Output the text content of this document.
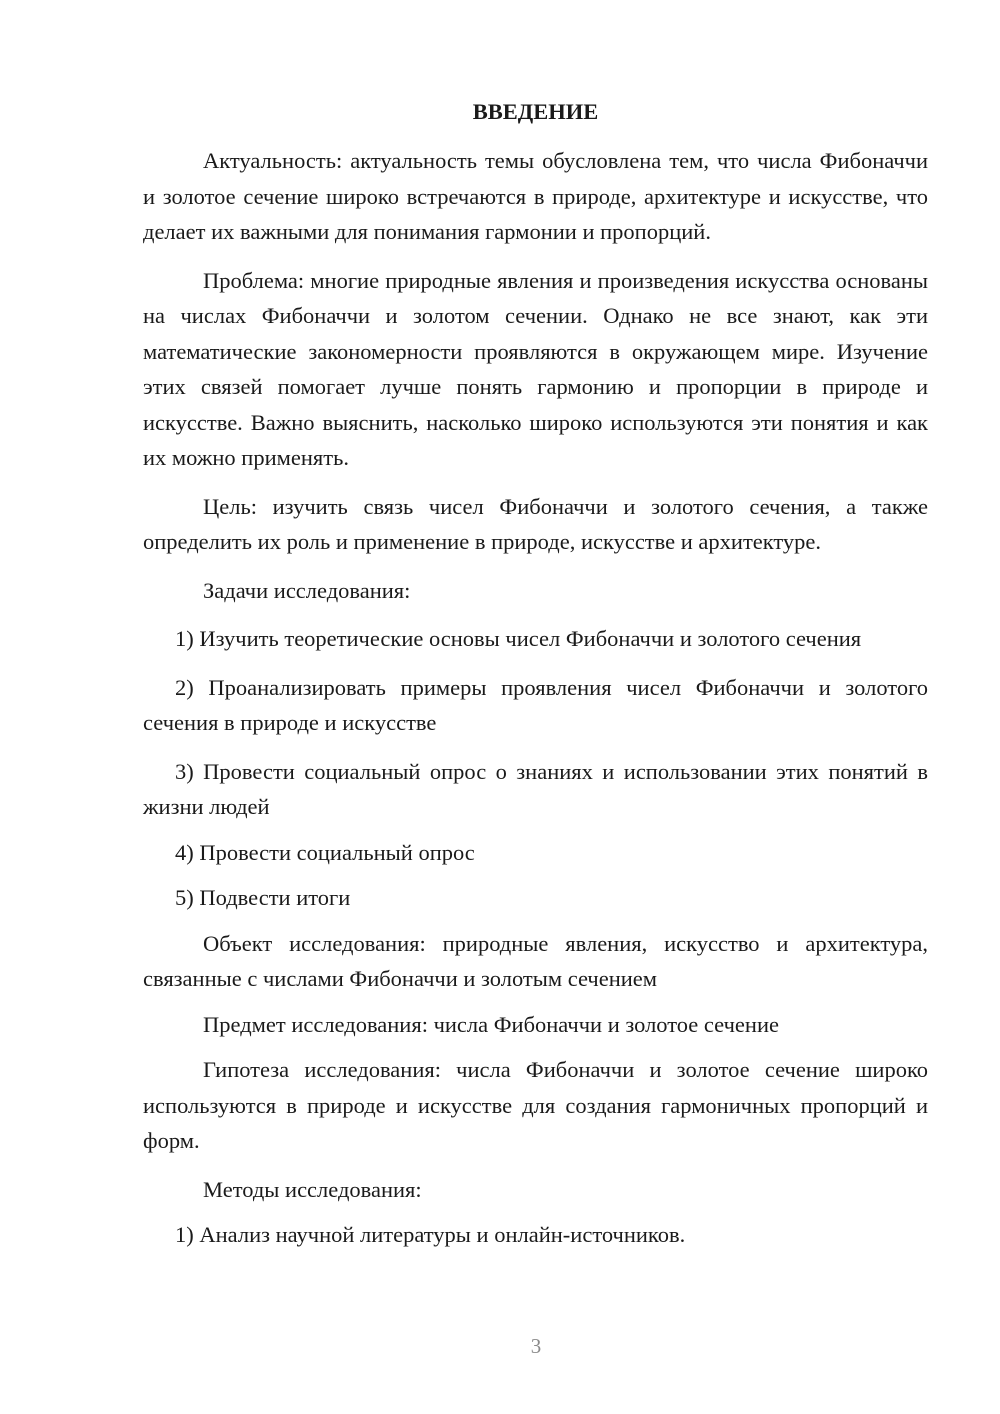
ВВЕДЕНИЕ

Актуальность: актуальность темы обусловлена тем, что числа Фибоначчи и золотое сечение широко встречаются в природе, архитектуре и искусстве, что делает их важными для понимания гармонии и пропорций.

Проблема: многие природные явления и произведения искусства основаны на числах Фибоначчи и золотом сечении. Однако не все знают, как эти математические закономерности проявляются в окружающем мире. Изучение этих связей помогает лучше понять гармонию и пропорции в природе и искусстве. Важно выяснить, насколько широко используются эти понятия и как их можно применять.

Цель: изучить связь чисел Фибоначчи и золотого сечения, а также определить их роль и применение в природе, искусстве и архитектуре.

Задачи исследования:

1) Изучить теоретические основы чисел Фибоначчи и золотого сечения

2) Проанализировать примеры проявления чисел Фибоначчи и золотого сечения в природе и искусстве

3) Провести социальный опрос о знаниях и использовании этих понятий в жизни людей

4) Провести социальный опрос

5) Подвести итоги

Объект исследования: природные явления, искусство и архитектура, связанные с числами Фибоначчи и золотым сечением

Предмет исследования: числа Фибоначчи и золотое сечение

Гипотеза исследования: числа Фибоначчи и золотое сечение широко используются в природе и искусстве для создания гармоничных пропорций и форм.

Методы исследования:

1) Анализ научной литературы и онлайн-источников.

3
